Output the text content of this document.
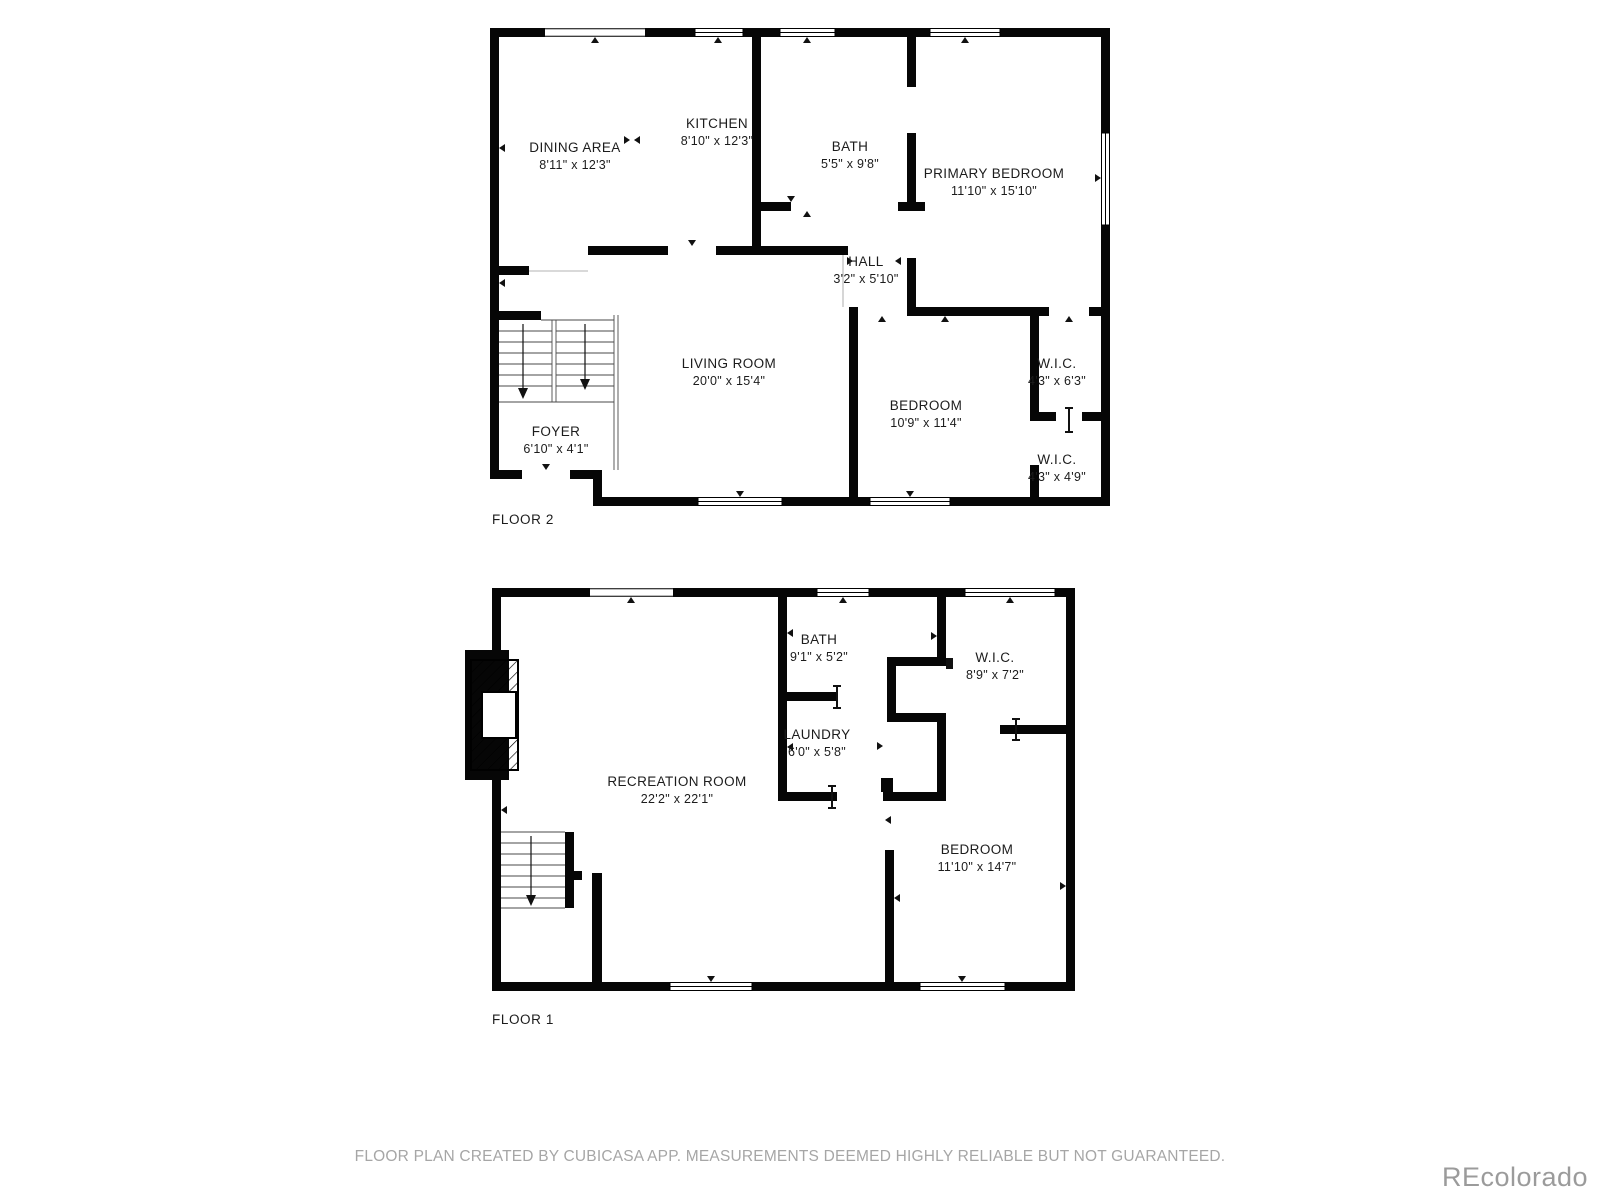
DINING AREA
8'11" x 12'3"
KITCHEN
8'10" x 12'3"	BATH
5'5" x 9'8"
PRIMARY BEDROOM
11'10" x 15'10"
HALL
3'2" x 5'10"
LIVING ROOM
20'0" x 15'4"
FOYER
6'10" x 4'1"
BEDROOM
10'9" x 11'4"
W.I.C.
4'3" x 6'3"
W.I.C.
4'3" x 4'9"
FLOOR 2
BATH
9'1" x 5'2"	W.I.C.
8'9" x 7'2"
LAUNDRY
6'0" x 5'8"
RECREATION ROOM
22'2" x 22'1"
BEDROOM
11'10" x 14'7"
FLOOR 1
FLOOR PLAN CREATED BY CUBICASA APP. MEASUREMENTS DEEMED HIGHLY RELIABLE BUT NOT GUARANTEED.
REcolorado
